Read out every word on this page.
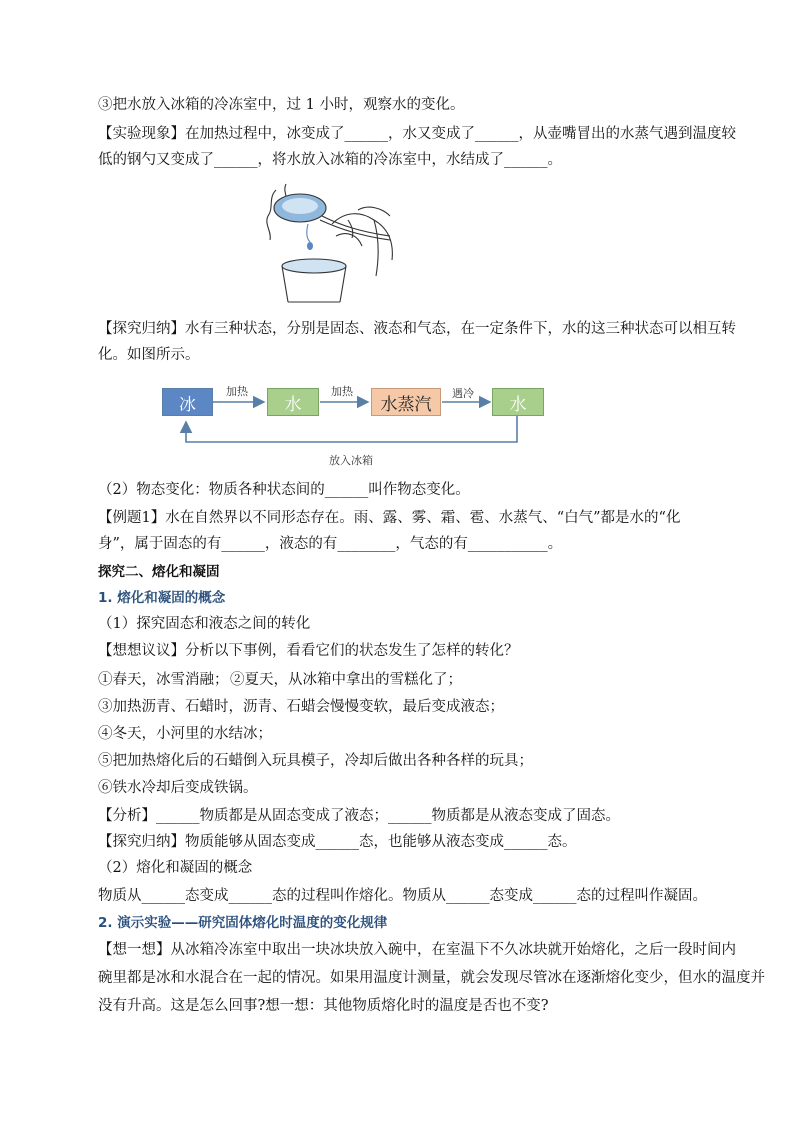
③把水放入冰箱的冷冻室中，过 1 小时，观察水的变化。
【实验现象】在加热过程中，冰变成了______，水又变成了______，从壶嘴冒出的水蒸气遇到温度较
低的钢勺又变成了______，将水放入冰箱的冷冻室中，水结成了______。
【探究归纳】水有三种状态，分别是固态、液态和气态，在一定条件下，水的这三种状态可以相互转
化。如图所示。
冰	水	水蒸汽	水
加热	加热	遇冷
放入冰箱
（2）物态变化：物质各种状态间的______叫作物态变化。
【例题1】水在自然界以不同形态存在。雨、露、雾、霜、雹、水蒸气、“白气”都是水的“化
身”，属于固态的有______，液态的有________，气态的有___________。
探究二、熔化和凝固
1. 熔化和凝固的概念
（1）探究固态和液态之间的转化
【想想议议】分析以下事例，看看它们的状态发生了怎样的转化？
①春天，冰雪消融； ②夏天，从冰箱中拿出的雪糕化了；
③加热沥青、石蜡时，沥青、石蜡会慢慢变软，最后变成液态；
④冬天，小河里的水结冰；
⑤把加热熔化后的石蜡倒入玩具模子，冷却后做出各种各样的玩具；
⑥铁水冷却后变成铁锅。
【分析】______物质都是从固态变成了液态；______物质都是从液态变成了固态。
【探究归纳】物质能够从固态变成______态，也能够从液态变成______态。
（2）熔化和凝固的概念
物质从______态变成______态的过程叫作熔化。物质从______态变成______态的过程叫作凝固。
2. 演示实验——研究固体熔化时温度的变化规律
【想一想】从冰箱冷冻室中取出一块冰块放入碗中，在室温下不久冰块就开始熔化，之后一段时间内
碗里都是冰和水混合在一起的情况。如果用温度计测量，就会发现尽管冰在逐渐熔化变少，但水的温度并
没有升高。这是怎么回事?想一想：其他物质熔化时的温度是否也不变?
